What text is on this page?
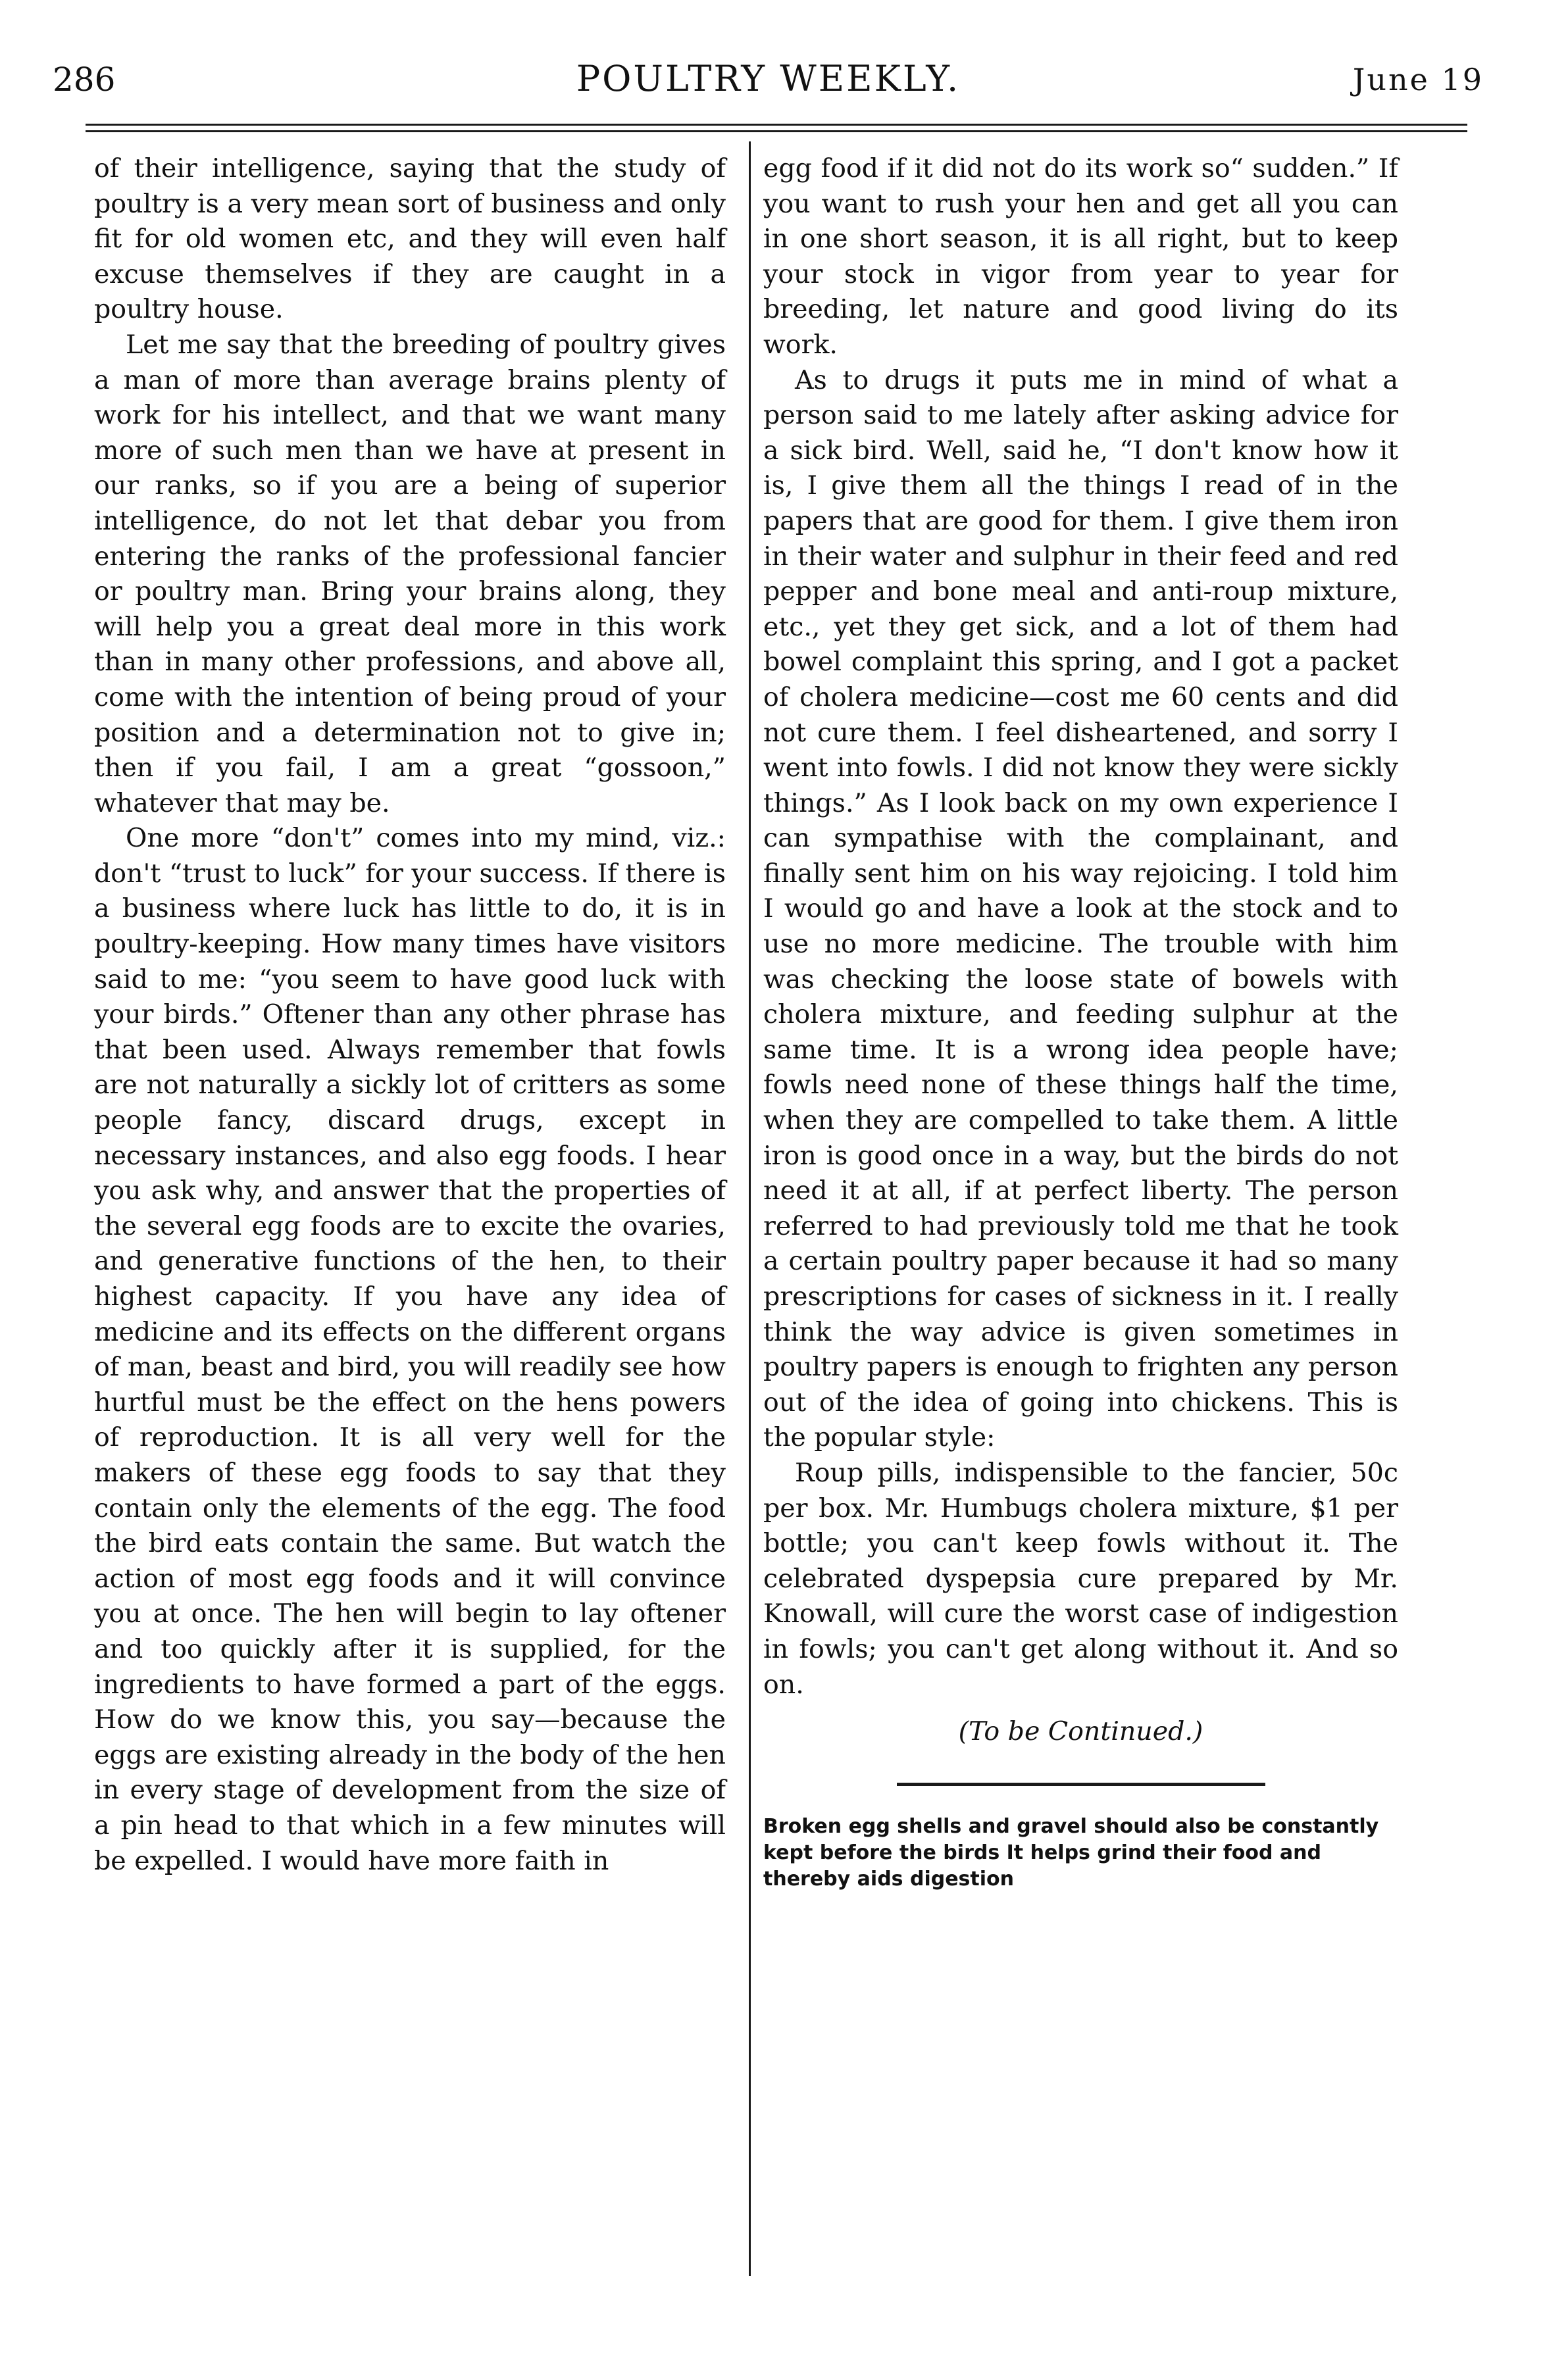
286	POULTRY WEEKLY.	June 19

of their intelligence, saying that the study of poultry is a very mean sort of business and only fit for old women etc, and they will even half excuse themselves if they are caught in a poultry house.

Let me say that the breeding of poultry gives a man of more than average brains plenty of work for his intellect, and that we want many more of such men than we have at present in our ranks, so if you are a being of superior intelligence, do not let that debar you from entering the ranks of the professional fancier or poultry man. Bring your brains along, they will help you a great deal more in this work than in many other professions, and above all, come with the intention of being proud of your position and a determination not to give in; then if you fail, I am a great “gossoon,” whatever that may be.

One more “don't” comes into my mind, viz.: don't “trust to luck” for your success. If there is a business where luck has little to do, it is in poultry-keeping. How many times have visitors said to me: “you seem to have good luck with your birds.” Oftener than any other phrase has that been used. Always remember that fowls are not naturally a sickly lot of critters as some people fancy, discard drugs, except in necessary instances, and also egg foods. I hear you ask why, and answer that the properties of the several egg foods are to excite the ovaries, and generative functions of the hen, to their highest capacity. If you have any idea of medicine and its effects on the different organs of man, beast and bird, you will readily see how hurtful must be the effect on the hens powers of reproduction. It is all very well for the makers of these egg foods to say that they contain only the elements of the egg. The food the bird eats contain the same. But watch the action of most egg foods and it will convince you at once. The hen will begin to lay oftener and too quickly after it is supplied, for the ingredients to have formed a part of the eggs. How do we know this, you say—because the eggs are existing already in the body of the hen in every stage of development from the size of a pin head to that which in a few minutes will be expelled. I would have more faith in

egg food if it did not do its work so“ sudden.” If you want to rush your hen and get all you can in one short season, it is all right, but to keep your stock in vigor from year to year for breeding, let nature and good living do its work.

As to drugs it puts me in mind of what a person said to me lately after asking advice for a sick bird. Well, said he, “I don't know how it is, I give them all the things I read of in the papers that are good for them. I give them iron in their water and sulphur in their feed and red pepper and bone meal and anti-roup mixture, etc., yet they get sick, and a lot of them had bowel complaint this spring, and I got a packet of cholera medicine—cost me 60 cents and did not cure them. I feel disheartened, and sorry I went into fowls. I did not know they were sickly things.” As I look back on my own experience I can sympathise with the complainant, and finally sent him on his way rejoicing. I told him I would go and have a look at the stock and to use no more medicine. The trouble with him was checking the loose state of bowels with cholera mixture, and feeding sulphur at the same time. It is a wrong idea people have; fowls need none of these things half the time, when they are compelled to take them. A little iron is good once in a way, but the birds do not need it at all, if at perfect liberty. The person referred to had previously told me that he took a certain poultry paper because it had so many prescriptions for cases of sickness in it. I really think the way advice is given sometimes in poultry papers is enough to frighten any person out of the idea of going into chickens. This is the popular style:

Roup pills, indispensible to the fancier, 50c per box. Mr. Humbugs cholera mixture, $1 per bottle; you can't keep fowls without it. The celebrated dyspepsia cure prepared by Mr. Knowall, will cure the worst case of indigestion in fowls; you can't get along without it. And so on.

(To be Continued.)

Broken egg shells and gravel should also be constantly kept before the birds It helps grind their food and thereby aids digestion
